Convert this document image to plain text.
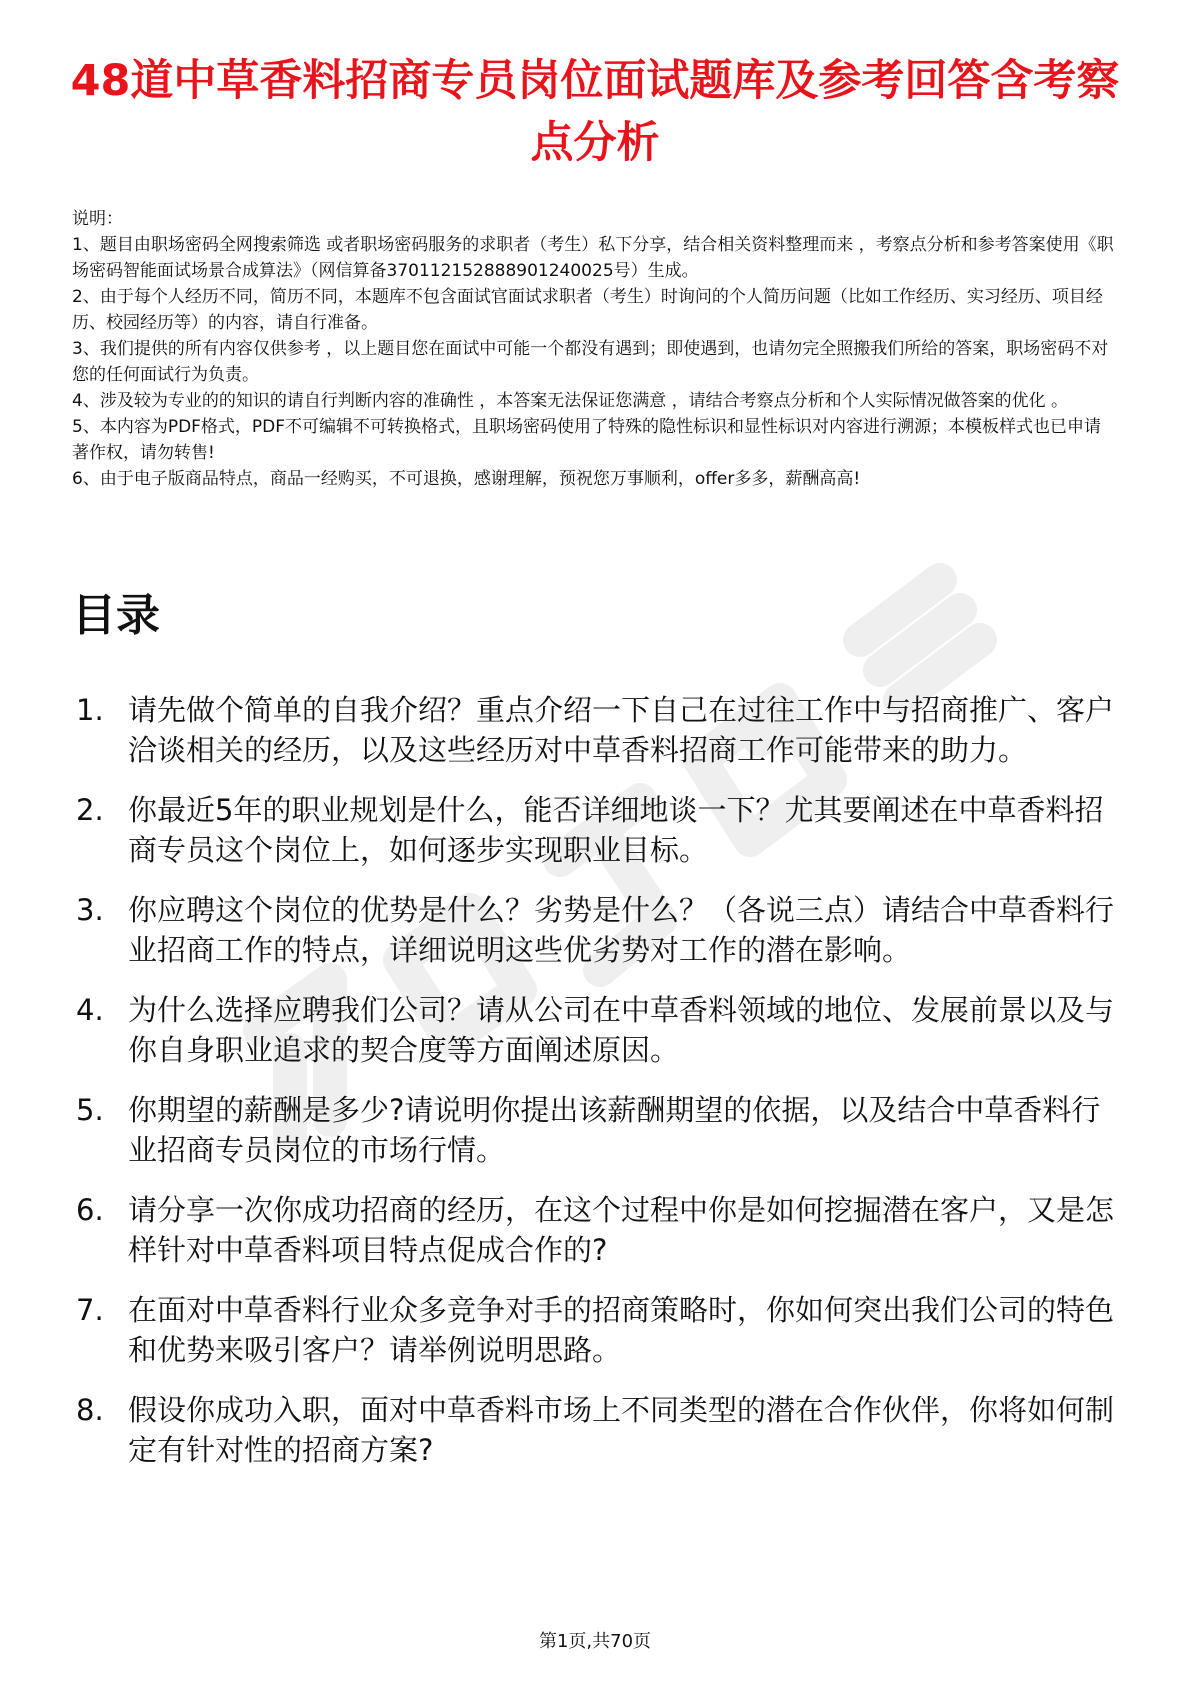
48道中草香料招商专员岗位面试题库及参考回答含考察点分析

说明：

1、题目由职场密码全网搜索筛选 或者职场密码服务的求职者（考生）私下分享，结合相关资料整理而来 ，考察点分析和参考答案使用《职场密码智能面试场景合成算法》（网信算备370112152888901240025号）生成。

2、由于每个人经历不同，简历不同，本题库不包含面试官面试求职者（考生）时询问的个人简历问题（比如工作经历、实习经历、项目经历、校园经历等）的内容，请自行准备。

3、我们提供的所有内容仅供参考 ，以上题目您在面试中可能一个都没有遇到；即使遇到，也请勿完全照搬我们所给的答案，职场密码不对您的任何面试行为负责。

4、涉及较为专业的的知识的请自行判断内容的准确性 ，本答案无法保证您满意 ，请结合考察点分析和个人实际情况做答案的优化 。

5、本内容为PDF格式，PDF不可编辑不可转换格式，且职场密码使用了特殊的隐性标识和显性标识对内容进行溯源；本模板样式也已申请著作权，请勿转售!

6、由于电子版商品特点，商品一经购买，不可退换，感谢理解，预祝您万事顺利，offer多多，薪酬高高!

目录
1. 请先做个简单的自我介绍？重点介绍一下自己在过往工作中与招商推广、客户洽谈相关的经历，以及这些经历对中草香料招商工作可能带来的助力。
2. 你最近5年的职业规划是什么，能否详细地谈一下？尤其要阐述在中草香料招商专员这个岗位上，如何逐步实现职业目标。
3. 你应聘这个岗位的优势是什么？劣势是什么？（各说三点）请结合中草香料行业招商工作的特点，详细说明这些优劣势对工作的潜在影响。
4. 为什么选择应聘我们公司？请从公司在中草香料领域的地位、发展前景以及与你自身职业追求的契合度等方面阐述原因。
5. 你期望的薪酬是多少?请说明你提出该薪酬期望的依据，以及结合中草香料行业招商专员岗位的市场行情。
6. 请分享一次你成功招商的经历，在这个过程中你是如何挖掘潜在客户，又是怎样针对中草香料项目特点促成合作的?
7. 在面对中草香料行业众多竞争对手的招商策略时，你如何突出我们公司的特色和优势来吸引客户？请举例说明思路。
8. 假设你成功入职，面对中草香料市场上不同类型的潜在合作伙伴，你将如何制定有针对性的招商方案?
第1页,共70页
